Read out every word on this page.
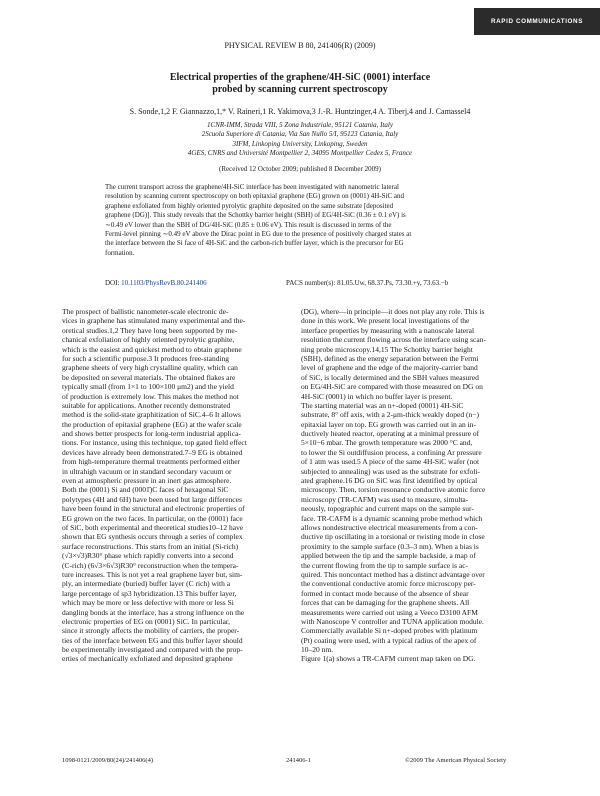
RAPID COMMUNICATIONS
PHYSICAL REVIEW B 80, 241406(R) (2009)
Electrical properties of the graphene/4H-SiC (0001) interface
probed by scanning current spectroscopy
S. Sonde,1,2 F. Giannazzo,1,* V. Raineri,1 R. Yakimova,3 J.-R. Huntzinger,4 A. Tiberj,4 and J. Camassel4
1CNR-IMM, Strada VIII, 5 Zona Industriale, 95121 Catania, Italy
2Scuola Superiore di Catania, Via San Nullo 5/I, 95123 Catania, Italy
3IFM, Linkoping University, Linkoping, Sweden
4GES, CNRS and Université Montpellier 2, 34095 Montpellier Cedex 5, France
(Received 12 October 2009; published 8 December 2009)
The current transport across the graphene/4H-SiC interface has been investigated with nanometric lateral
resolution by scanning current spectroscopy on both epitaxial graphene (EG) grown on (0001) 4H-SiC and
graphene exfoliated from highly oriented pyrolytic graphite deposited on the same substrate [deposited
graphene (DG)]. This study reveals that the Schottky barrier height (SBH) of EG/4H-SiC (0.36 ± 0.1 eV) is
∼0.49 eV lower than the SBH of DG/4H-SiC (0.85 ± 0.06 eV). This result is discussed in terms of the
Fermi-level pinning ∼0.49 eV above the Dirac point in EG due to the presence of positively charged states at
the interface between the Si face of 4H-SiC and the carbon-rich buffer layer, which is the precursor for EG
formation.
DOI: 10.1103/PhysRevB.80.241406	PACS number(s): 81.05.Uw, 68.37.Ps, 73.30.+y, 73.63.−b
The prospect of ballistic nanometer-scale electronic de-
vices in graphene has stimulated many experimental and the-
oretical studies.1,2 They have long been supported by me-
chanical exfoliation of highly oriented pyrolytic graphite,
which is the easiest and quickest method to obtain graphene
for such a scientific purpose.3 It produces free-standing
graphene sheets of very high crystalline quality, which can
be deposited on several materials. The obtained flakes are
typically small (from 1×1 to 100×100 μm2) and the yield
of production is extremely low. This makes the method not
suitable for applications. Another recently demonstrated
method is the solid-state graphitization of SiC.4–6 It allows
the production of epitaxial graphene (EG) at the wafer scale
and shows better prospects for long-term industrial applica-
tions. For instance, using this technique, top gated field effect
devices have already been demonstrated.7–9 EG is obtained
from high-temperature thermal treatments performed either
in ultrahigh vacuum or in standard secondary vacuum or
even at atmospheric pressure in an inert gas atmosphere.
Both the (0001) Si and (0001̄)C faces of hexagonal SiC
polytypes (4H and 6H) have been used but large differences
have been found in the structural and electronic properties of
EG grown on the two faces. In particular, on the (0001) face
of SiC, both experimental and theoretical studies10–12 have
shown that EG synthesis occurs through a series of complex
surface reconstructions. This starts from an initial (Si-rich)
(√3×√3)R30° phase which rapidly converts into a second
(C-rich) (6√3×6√3)R30° reconstruction when the tempera-
ture increases. This is not yet a real graphene layer but, sim-
ply, an intermediate (buried) buffer layer (C rich) with a
large percentage of sp3 hybridization.13 This buffer layer,
which may be more or less defective with more or less Si
dangling bonds at the interface, has a strong influence on the
electronic properties of EG on (0001) SiC. In particular,
since it strongly affects the mobility of carriers, the proper-
ties of the interface between EG and this buffer layer should
be experimentally investigated and compared with the prop-
erties of mechanically exfoliated and deposited graphene
(DG), where—in principle—it does not play any role. This is
done in this work. We present local investigations of the
interface properties by measuring with a nanoscale lateral
resolution the current flowing across the interface using scan-
ning probe microscopy.14,15 The Schottky barrier height
(SBH), defined as the energy separation between the Fermi
level of graphene and the edge of the majority-carrier band
of SiC, is locally determined and the SBH values measured
on EG/4H-SiC are compared with those measured on DG on
4H-SiC (0001) in which no buffer layer is present.
The starting material was an n+-doped (0001) 4H-SiC
substrate, 8° off axis, with a 2-μm-thick weakly doped (n−)
epitaxial layer on top. EG growth was carried out in an in-
ductively heated reactor, operating at a minimal pressure of
5×10−6 mbar. The growth temperature was 2000 °C and,
to lower the Si outdiffusion process, a confining Ar pressure
of 1 atm was used.5 A piece of the same 4H-SiC wafer (not
subjected to annealing) was used as the substrate for exfoli-
ated graphene.16 DG on SiC was first identified by optical
microscopy. Then, torsion resonance conductive atomic force
microscopy (TR-CAFM) was used to measure, simulta-
neously, topographic and current maps on the sample sur-
face. TR-CAFM is a dynamic scanning probe method which
allows nondestructive electrical measurements from a con-
ductive tip oscillating in a torsional or twisting mode in close
proximity to the sample surface (0.3–3 nm). When a bias is
applied between the tip and the sample backside, a map of
the current flowing from the tip to sample surface is ac-
quired. This noncontact method has a distinct advantage over
the conventional conductive atomic force microscopy per-
formed in contact mode because of the absence of shear
forces that can be damaging for the graphene sheets. All
measurements were carried out using a Veeco D3100 AFM
with Nanoscope V controller and TUNA application module.
Commercially available Si n+-doped probes with platinum
(Pt) coating were used, with a typical radius of the apex of
10–20 nm.
Figure 1(a) shows a TR-CAFM current map taken on DG.
1098-0121/2009/80(24)/241406(4)	241406-1	©2009 The American Physical Society
